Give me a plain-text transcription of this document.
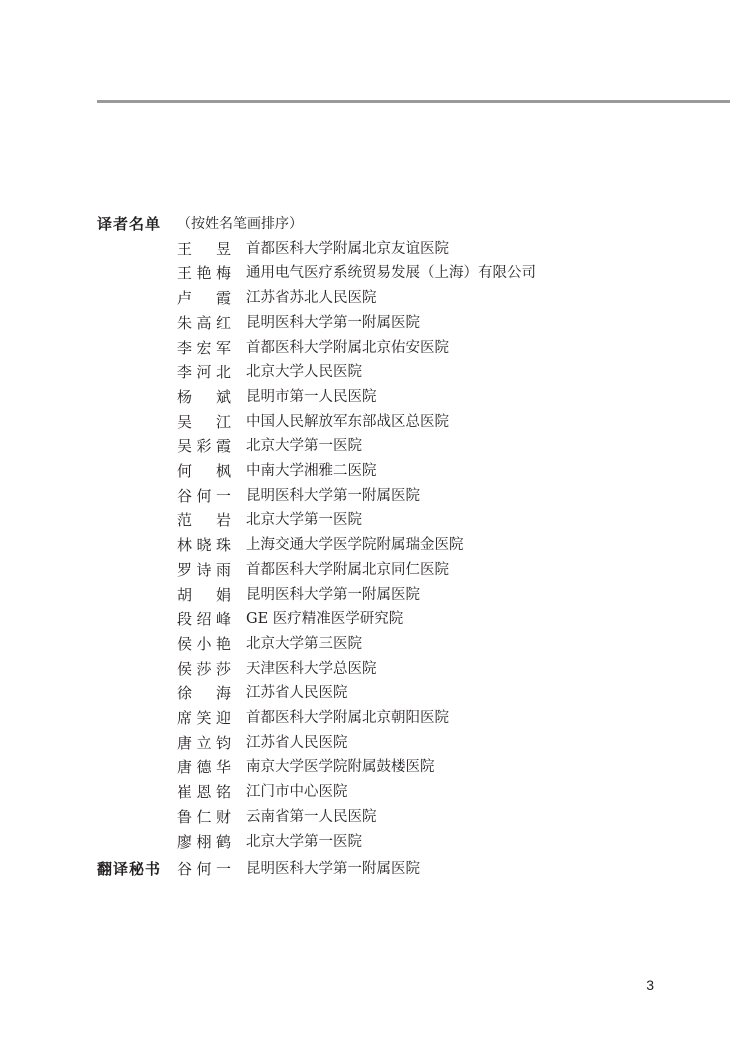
译者名单 （按姓名笔画排序）
王　昱 首都医科大学附属北京友谊医院
王艳梅 通用电气医疗系统贸易发展（上海）有限公司
卢　霞 江苏省苏北人民医院
朱高红 昆明医科大学第一附属医院
李宏军 首都医科大学附属北京佑安医院
李河北 北京大学人民医院
杨　斌 昆明市第一人民医院
吴　江 中国人民解放军东部战区总医院
吴彩霞 北京大学第一医院
何　枫 中南大学湘雅二医院
谷何一 昆明医科大学第一附属医院
范　岩 北京大学第一医院
林晓珠 上海交通大学医学院附属瑞金医院
罗诗雨 首都医科大学附属北京同仁医院
胡　娟 昆明医科大学第一附属医院
段绍峰 GE 医疗精准医学研究院
侯小艳 北京大学第三医院
侯莎莎 天津医科大学总医院
徐　海 江苏省人民医院
席笑迎 首都医科大学附属北京朝阳医院
唐立钧 江苏省人民医院
唐德华 南京大学医学院附属鼓楼医院
崔恩铭 江门市中心医院
鲁仁财 云南省第一人民医院
廖栩鹤 北京大学第一医院
翻译秘书 谷何一 昆明医科大学第一附属医院
3
